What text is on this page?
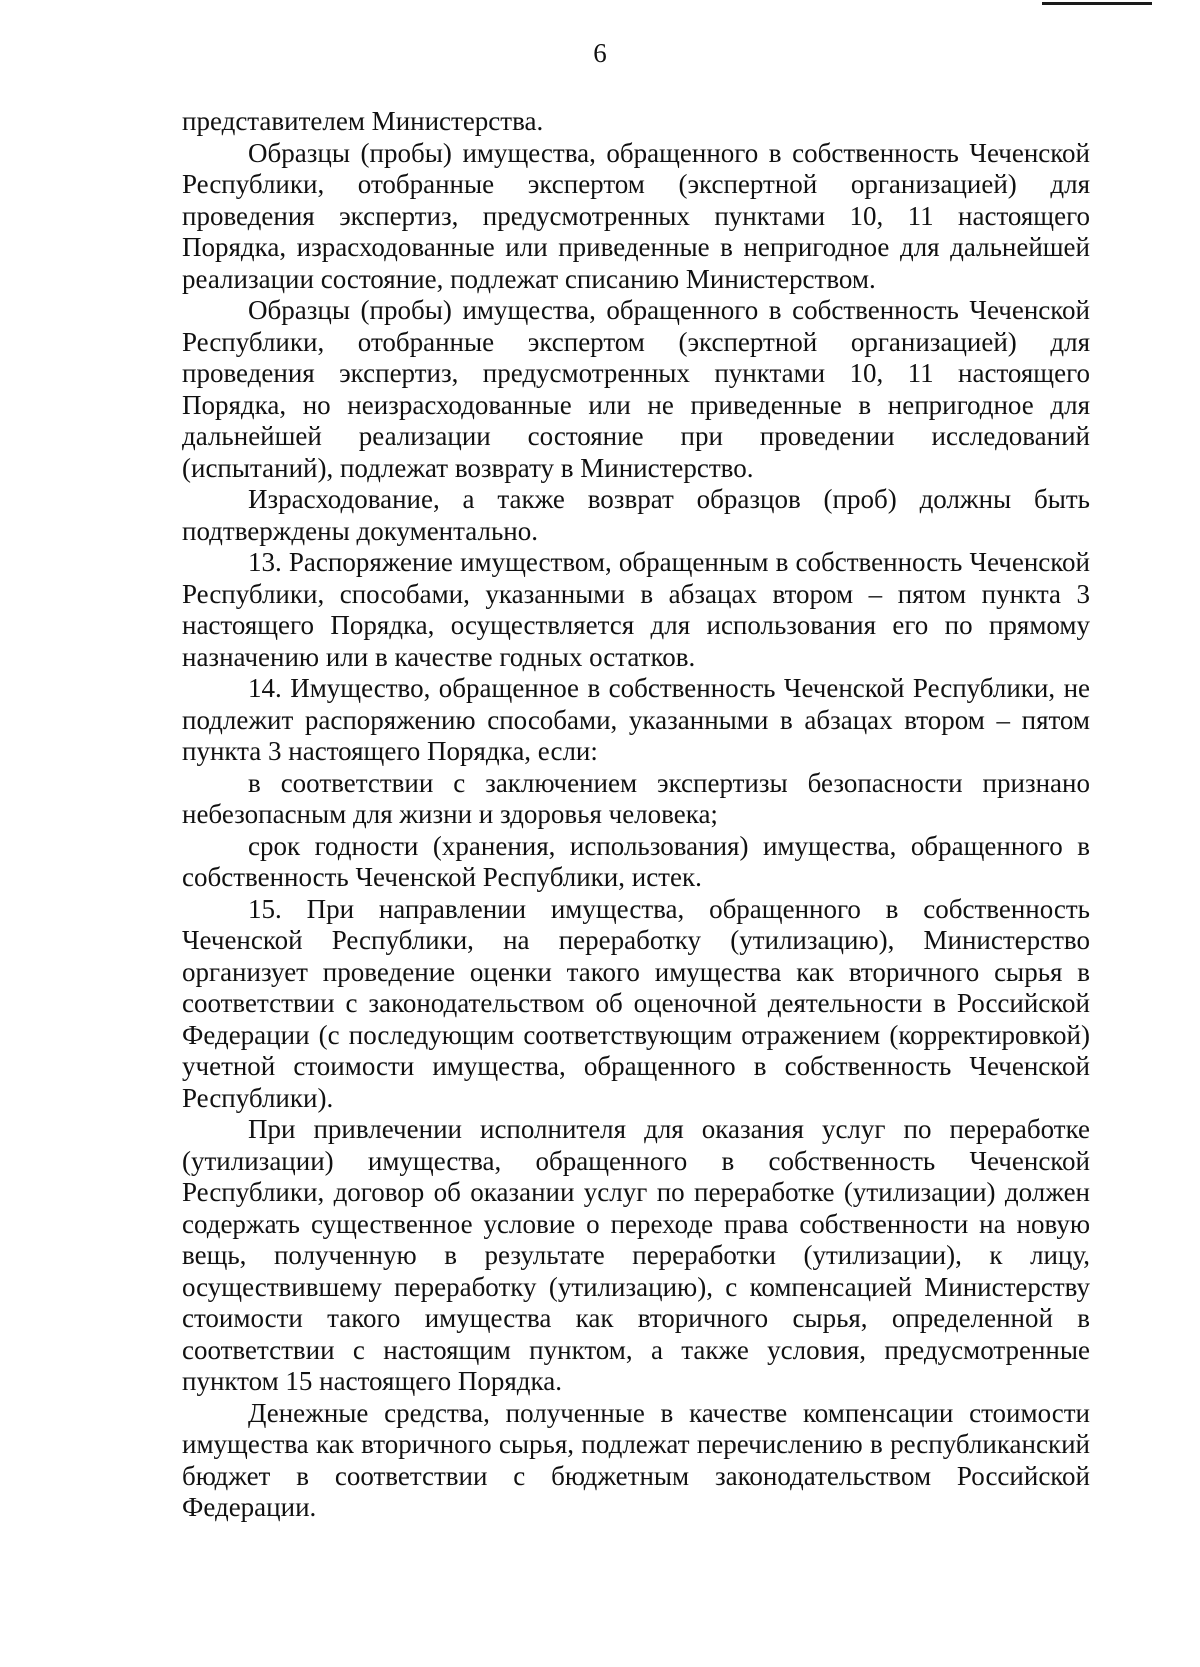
6

представителем Министерства.

Образцы (пробы) имущества, обращенного в собственность Чеченской Республики, отобранные экспертом (экспертной организацией) для проведения экспертиз, предусмотренных пунктами 10, 11 настоящего Порядка, израсходованные или приведенные в непригодное для дальнейшей реализации состояние, подлежат списанию Министерством.

Образцы (пробы) имущества, обращенного в собственность Чеченской Республики, отобранные экспертом (экспертной организацией) для проведения экспертиз, предусмотренных пунктами 10, 11 настоящего Порядка, но неизрасходованные или не приведенные в непригодное для дальнейшей реализации состояние при проведении исследований (испытаний), подлежат возврату в Министерство.

Израсходование, а также возврат образцов (проб) должны быть подтверждены документально.

13. Распоряжение имуществом, обращенным в собственность Чеченской Республики, способами, указанными в абзацах втором – пятом пункта 3 настоящего Порядка, осуществляется для использования его по прямому назначению или в качестве годных остатков.

14. Имущество, обращенное в собственность Чеченской Республики, не подлежит распоряжению способами, указанными в абзацах втором – пятом пункта 3 настоящего Порядка, если:

в соответствии с заключением экспертизы безопасности признано небезопасным для жизни и здоровья человека;

срок годности (хранения, использования) имущества, обращенного в собственность Чеченской Республики, истек.

15. При направлении имущества, обращенного в собственность Чеченской Республики, на переработку (утилизацию), Министерство организует проведение оценки такого имущества как вторичного сырья в соответствии с законодательством об оценочной деятельности в Российской Федерации (с последующим соответствующим отражением (корректировкой) учетной стоимости имущества, обращенного в собственность Чеченской Республики).

При привлечении исполнителя для оказания услуг по переработке (утилизации) имущества, обращенного в собственность Чеченской Республики, договор об оказании услуг по переработке (утилизации) должен содержать существенное условие о переходе права собственности на новую вещь, полученную в результате переработки (утилизации), к лицу, осуществившему переработку (утилизацию), с компенсацией Министерству стоимости такого имущества как вторичного сырья, определенной в соответствии с настоящим пунктом, а также условия, предусмотренные пунктом 15 настоящего Порядка.

Денежные средства, полученные в качестве компенсации стоимости имущества как вторичного сырья, подлежат перечислению в республиканский бюджет в соответствии с бюджетным законодательством Российской Федерации.
